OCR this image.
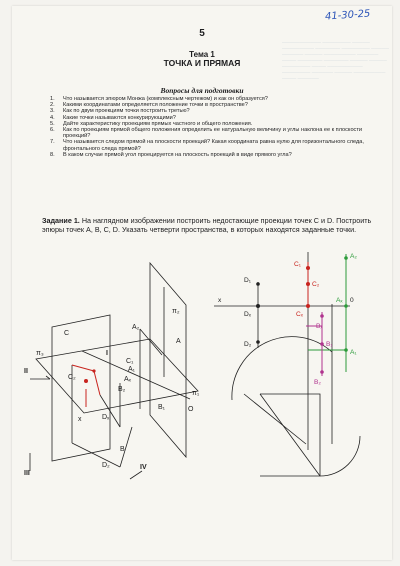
─────────── ──────── ───── ───────── ─────── ──────── ───── ────── ───── ───────── ────── ──── ─────── ─────── ───── ───── ──────── ──── ────────── ──────── ────── ───── ───────── ──── ──────
41-30-25
5
Тема 1
ТОЧКА И ПРЯМАЯ
Вопросы для подготовки
1.	Что называется эпюром Монжа (комплексным чертежом) и как он образуется?
2.	Какими координатами определяется положение точки в пространстве?
3.	Как по двум проекциям точки построить третью?
4.	Какие точки называются конкурирующими?
5.	Дайте характеристику проекциям прямых частного и общего положения.
6.	Как по проекциям прямой общего положения определить ее натуральную величину и углы наклона ее к плоскости проекций?
7.	Что называется следом прямой на плоскости проекций? Какая координата равна нулю для горизонтального следа, фронтального следа прямой?
8.	В каком случае прямой угол проецируется на плоскость проекций в виде прямого угла?
Задание 1. На наглядном изображении построить недостающие проекции точек C и D. Построить эпюры точек A, B, C, D. Указать четверти пространства, в которых находятся заданные точки.
π₂
π₁
π₃	I
II
III
IV
A
A₂
A₁
B₂
B₁
B
C
C₁
C₂
Dₓ
D₂
Aₓ
x
O
x	0
D₁
Dₓ
D₂
C₁
C₂
Cₓ
A₂
Aₓ
A₁
Bₓ
B₁
B₂
